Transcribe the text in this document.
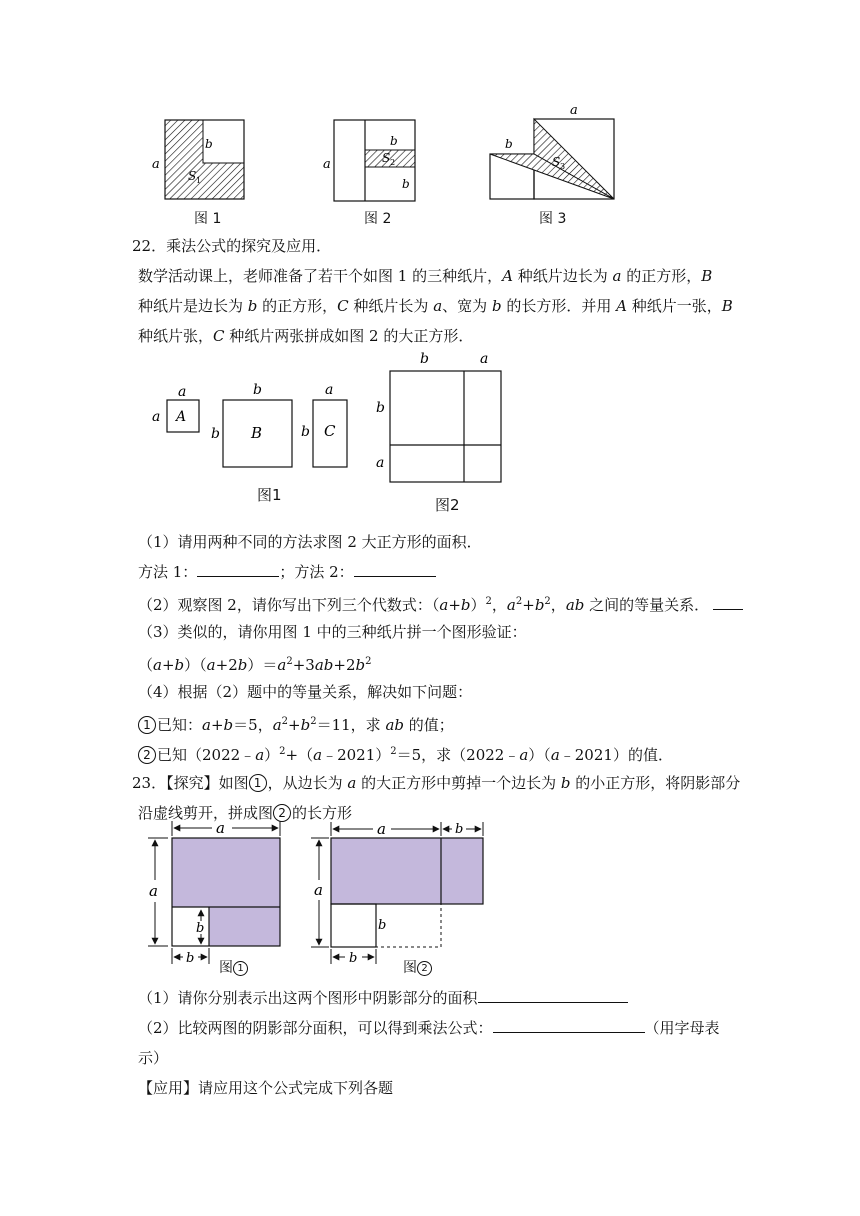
a
b
S 1
图 1
a
b
b
S 2
图 2
a
b
S 3
图 3
22．乘法公式的探究及应用．
数学活动课上，老师准备了若干个如图 1 的三种纸片，A 种纸片边长为 a 的正方形，B
种纸片是边长为 b 的正方形，C 种纸片长为 a、宽为 b 的长方形．并用 A 种纸片一张，B
种纸片张，C 种纸片两张拼成如图 2 的大正方形．
A
a
a
B
b
b	C
a
b
图1
b	a
b
a
图2
（1）请用两种不同的方法求图 2 大正方形的面积．
方法 1：	；方法 2：
（2）观察图 2，请你写出下列三个代数式：$(a+b)^2$，$a^2+b^2$，ab 之间的等量关系．
（3）类似的，请你用图 1 中的三种纸片拼一个图形验证：
$(a+b)(a+2b)=a^2+3ab+2b^2$
（4）根据（2）题中的等量关系，解决如下问题：
1 已知：a+b＝5，$a^2+b^2=11$，求 ab 的值；
2 已知（2022﹣a）$^2$+（a﹣2021）$^2$＝5，求（2022﹣a）（a﹣2021）的值．
23．【探究】如图 1 ，从边长为 a 的大正方形中剪掉一个边长为 b 的小正方形，将阴影部分
沿虚线剪开，拼成图 2 的长方形
a
a
b
b
图 1
a	b
a
b
b
图 2
（1）请你分别表示出这两个图形中阴影部分的面积
（2）比较两图的阴影部分面积，可以得到乘法公式：	（用字母表
示）
【应用】请应用这个公式完成下列各题
